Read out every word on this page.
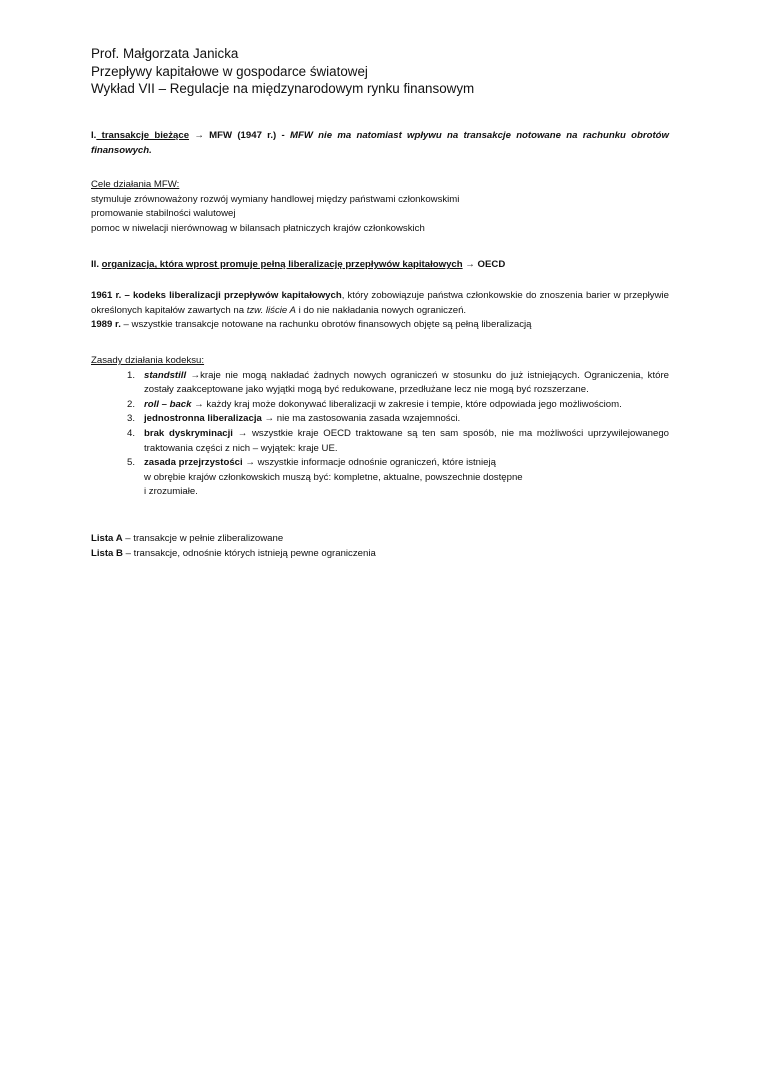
Prof. Małgorzata Janicka
Przepływy kapitałowe w gospodarce światowej
Wykład VII – Regulacje na międzynarodowym rynku finansowym
I. transakcje bieżące → MFW (1947 r.) - MFW nie ma natomiast wpływu na transakcje notowane na rachunku obrotów finansowych.
Cele działania MFW:
stymuluje zrównoważony rozwój wymiany handlowej między państwami członkowskimi
promowanie stabilności walutowej
pomoc w niwelacji nierównowag w bilansach płatniczych krajów członkowskich
II. organizacja, która wprost promuje pełną liberalizację przepływów kapitałowych → OECD

1961 r. – kodeks liberalizacji przepływów kapitałowych, który zobowiązuje państwa członkowskie do znoszenia barier w przepływie określonych kapitałów zawartych na tzw. liście A i do nie nakładania nowych ograniczeń.

1989 r. – wszystkie transakcje notowane na rachunku obrotów finansowych objęte są pełną liberalizacją

Zasady działania kodeksu:
1. standstill →kraje nie mogą nakładać żadnych nowych ograniczeń w stosunku do już istniejących. Ograniczenia, które zostały zaakceptowane jako wyjątki mogą być redukowane, przedłużane lecz nie mogą być rozszerzane.
2. roll – back → każdy kraj może dokonywać liberalizacji w zakresie i tempie, które odpowiada jego możliwościom.
3. jednostronna liberalizacja → nie ma zastosowania zasada wzajemności.
4. brak dyskryminacji → wszystkie kraje OECD traktowane są ten sam sposób, nie ma możliwości uprzywilejowanego traktowania części z nich – wyjątek: kraje UE.
5. zasada przejrzystości → wszystkie informacje odnośnie ograniczeń, które istnieją
w obrębie krajów członkowskich muszą być: kompletne, aktualne, powszechnie dostępne
i zrozumiałe.
Lista A – transakcje w pełnie zliberalizowane
Lista B – transakcje, odnośnie których istnieją pewne ograniczenia
